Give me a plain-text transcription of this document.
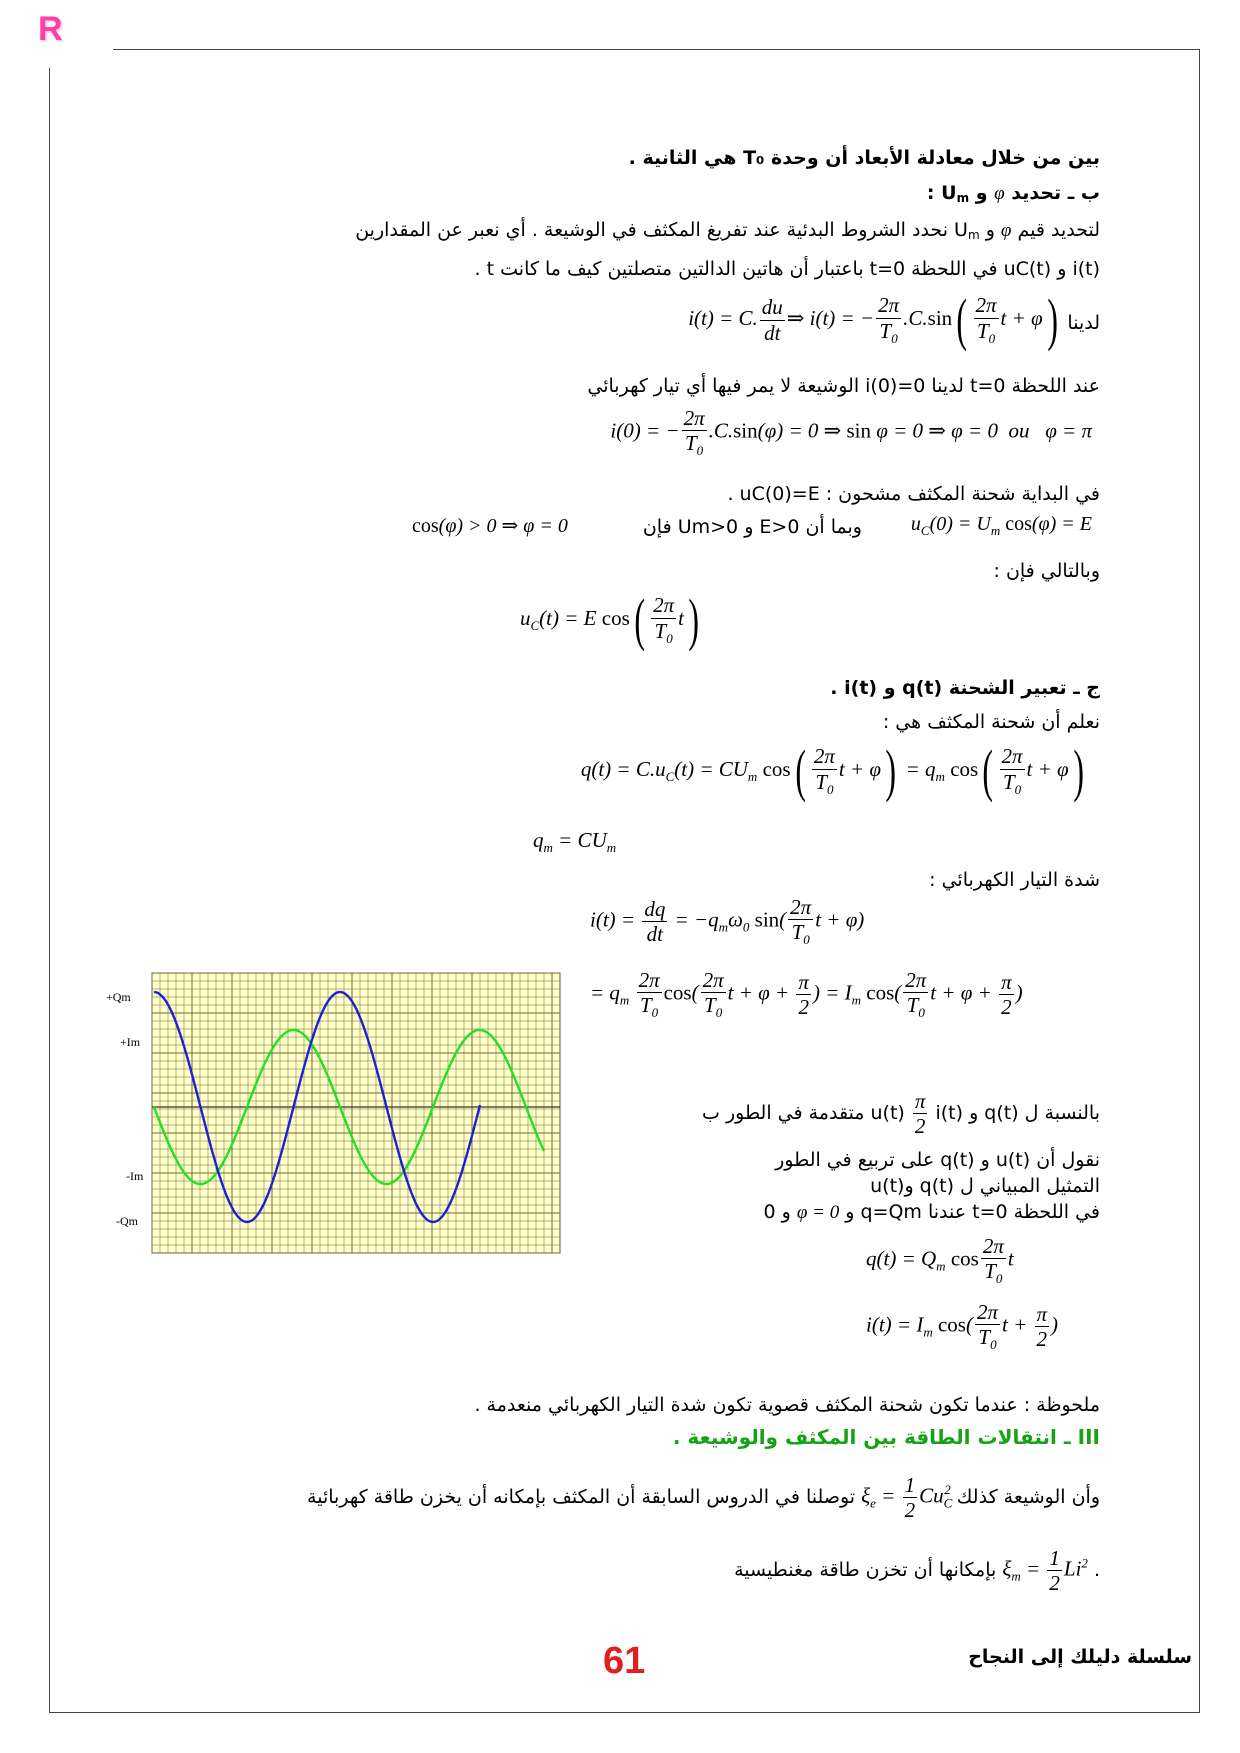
R
بين من خلال معادلة الأبعاد أن وحدة T₀ هي الثانية .
ب ـ تحديد φ و $U_m$ :
لتحديد قيم φ و $U_m$ نحدد الشروط البدئية عند تفريغ المكثف في الوشيعة . أي نعبر عن المقدارين
i(t) و uC(t) في اللحظة t=0 باعتبار أن هاتين الدالتين متصلتين كيف ما كانت t .
لدينا
i(t) = C. $\frac{du}{dt}$ ⇒ i(t) = − $\frac{2\pi}{T_0} .C.\sin( \frac{2\pi}{T_0}$ t + φ)
عند اللحظة t=0 لدينا i(0)=0 الوشيعة لا يمر فيها أي تيار كهربائي
i(0) = − $\frac{2\pi}{T_0} .C.\sin(\varphi) = 0$ ⇒ sin φ = 0 ⇒ φ = 0  ou   φ = π
في البداية شحنة المكثف مشحون : uC(0)=E .
$u_C(0) = U_m$ cos(φ) = E
وبما أن E>0 و Um>0 فإن
cos(φ) > 0 ⇒ φ = 0
وبالتالي فإن :
$u_C(t) = E$ $\cos( \frac{2\pi}{T_0} t)$
ج ـ تعبير الشحنة q(t) و i(t) .
نعلم أن شحنة المكثف هي :
$q(t) = C.u_C(t) = CU_m$ $\cos( \frac{2\pi}{T_0}$ $t + \varphi) = q_m$ $\cos( \frac{2\pi}{T_0}$ t + φ)
$q_m = CU_m$
شدة التيار الكهربائي :
$i(t) = \frac{dq}{dt} = -q_m\omega_0$ $\sin( \frac{2\pi}{T_0}$ t + φ)
= $q_m \frac{2\pi}{T_0} \cos( \frac{2\pi}{T_0}$ $t + \varphi + \frac{\pi}{2}$ ) = $I_m$ $\cos( \frac{2\pi}{T_0}$ $t + \varphi + \frac{\pi}{2}$ )
+Qm
+Im
-Im
-Qm
بالنسبة ل q(t) و u(t)
$\frac{\pi}{2}$
i(t) متقدمة في الطور ب
نقول أن u(t) و q(t) على تربيع في الطور
التمثيل المبياني ل q(t) وu(t)
في اللحظة t=0 عندنا q=Qm و φ = 0 و 0
$q(t) = Q_m$ $\cos \frac{2\pi}{T_0}$ t
$i(t) = I_m$ $\cos( \frac{2\pi}{T_0}$ $t + \frac{\pi}{2}$ )
ملحوظة : عندما تكون شحنة المكثف قصوية تكون شدة التيار الكهربائي منعدمة .
III ـ انتقالات الطاقة بين المكثف والوشيعة .
وأن الوشيعة كذلك $\xi_e = \frac{1}{2} Cu_C^2$ توصلنا في الدروس السابقة أن المكثف بإمكانه أن يخزن طاقة كهربائية
. $\xi_m = \frac{1}{2} Li^2$ بإمكانها أن تخزن طاقة مغنطيسية
61	سلسلة دليلك إلى النجاح
